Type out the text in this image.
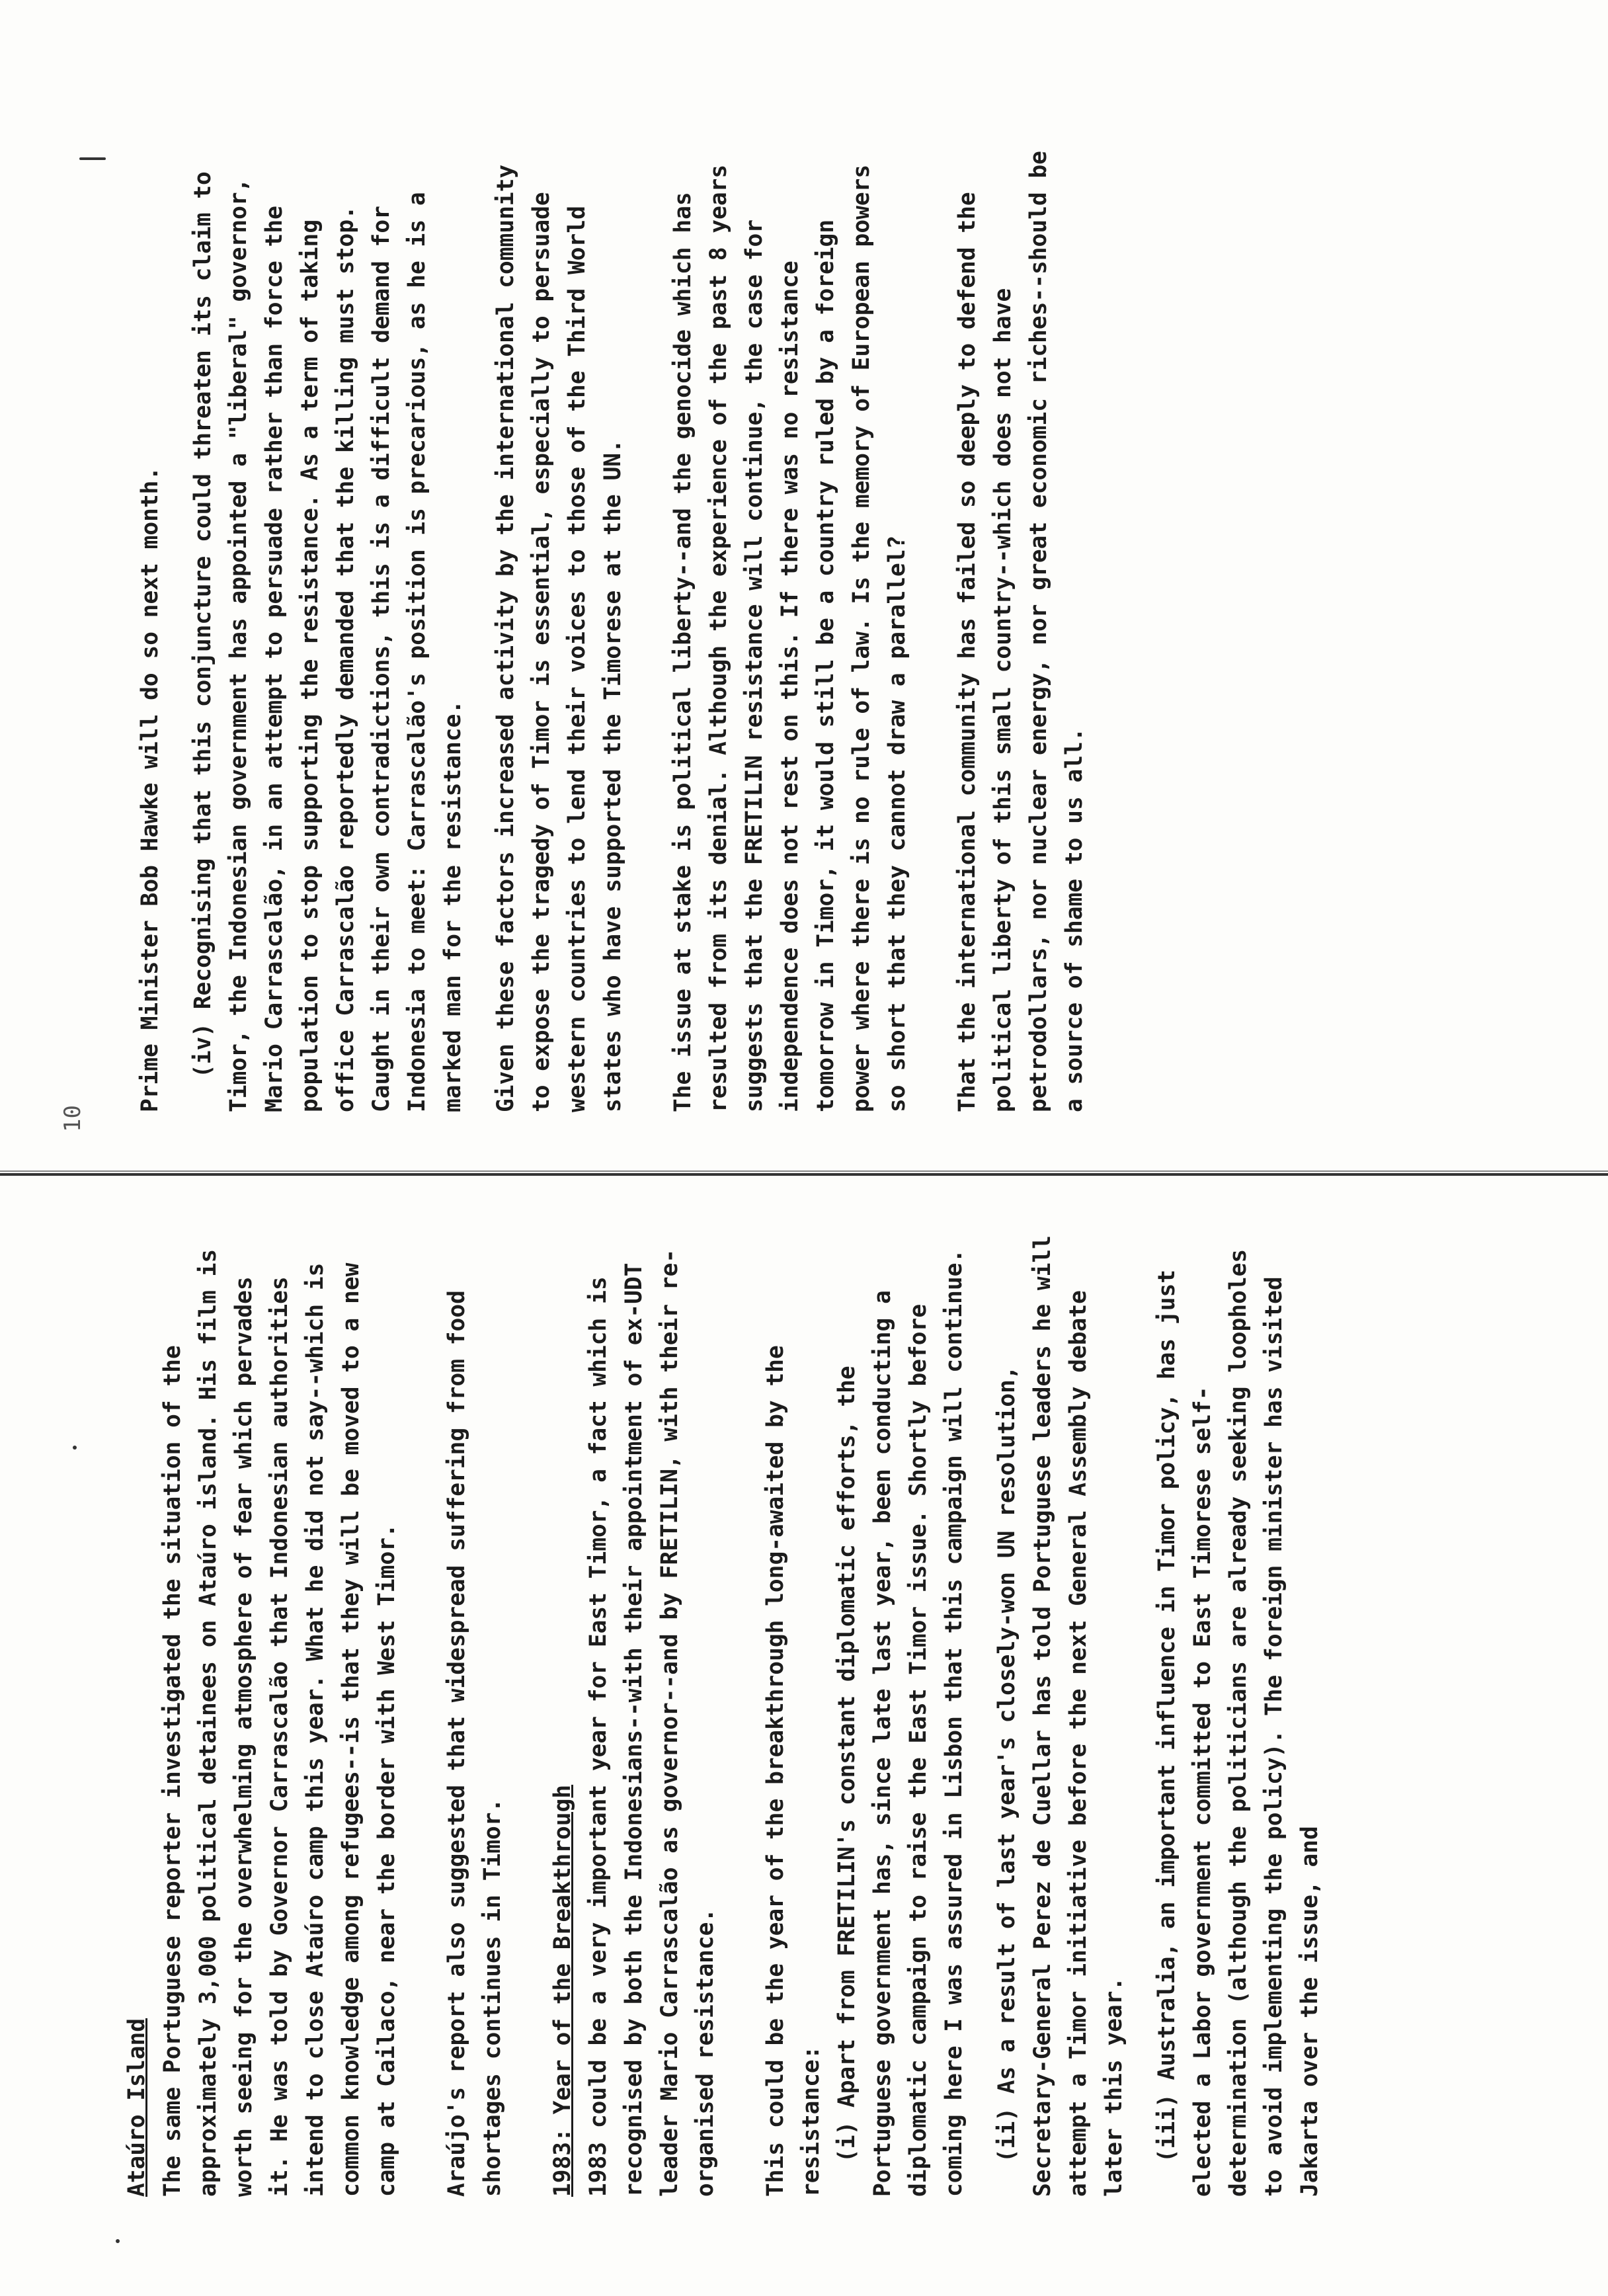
10

Ataúro Island The same Portuguese reporter investigated the situation of the approximately 3,000 political detainees on Ataúro island. His film is worth seeing for the overwhelming atmosphere of fear which pervades it. He was told by Governor Carrascalão that Indonesian authorities intend to close Ataúro camp this year. What he did not say--which is common knowledge among refugees--is that they will be moved to a new camp at Cailaco, near the border with West Timor. Araújo's report also suggested that widespread suffering from food shortages continues in Timor. 1983: Year of the Breakthrough 1983 could be a very important year for East Timor, a fact which is recognised by both the Indonesians--with their appointment of ex-UDT leader Mario Carrascalão as governor--and by FRETILIN, with their re-organised resistance. This could be the year of the breakthrough long-awaited by the resistance: (i) Apart from FRETILIN's constant diplomatic efforts, the Portuguese government has, since late last year, been conducting a diplomatic campaign to raise the East Timor issue. Shortly before coming here I was assured in Lisbon that this campaign will continue. (ii) As a result of last year's closely-won UN resolution, Secretary-General Perez de Cuellar has told Portuguese leaders he will attempt a Timor initiative before the next General Assembly debate later this year. (iii) Australia, an important influence in Timor policy, has just elected a Labor government committed to East Timorese self-determination (although the politicians are already seeking loopholes to avoid implementing the policy). The foreign minister has visited Jakarta over the issue, and

Prime Minister Bob Hawke will do so next month. (iv) Recognising that this conjuncture could threaten its claim to Timor, the Indonesian government has appointed a "liberal" governor, Mario Carrascalão, in an attempt to persuade rather than force the population to stop supporting the resistance. As a term of taking office Carrascalão reportedly demanded that the killing must stop. Caught in their own contradictions, this is a difficult demand for Indonesia to meet: Carrascalão's position is precarious, as he is a marked man for the resistance. Given these factors increased activity by the international community to expose the tragedy of Timor is essential, especially to persuade western countries to lend their voices to those of the Third World states who have supported the Timorese at the UN. The issue at stake is political liberty--and the genocide which has resulted from its denial. Although the experience of the past 8 years suggests that the FRETILIN resistance will continue, the case for independence does not rest on this. If there was no resistance tomorrow in Timor, it would still be a country ruled by a foreign power where there is no rule of law. Is the memory of European powers so short that they cannot draw a parallel? That the international community has failed so deeply to defend the political liberty of this small country--which does not have petrodollars, nor nuclear energy, nor great economic riches--should be a source of shame to us all.
